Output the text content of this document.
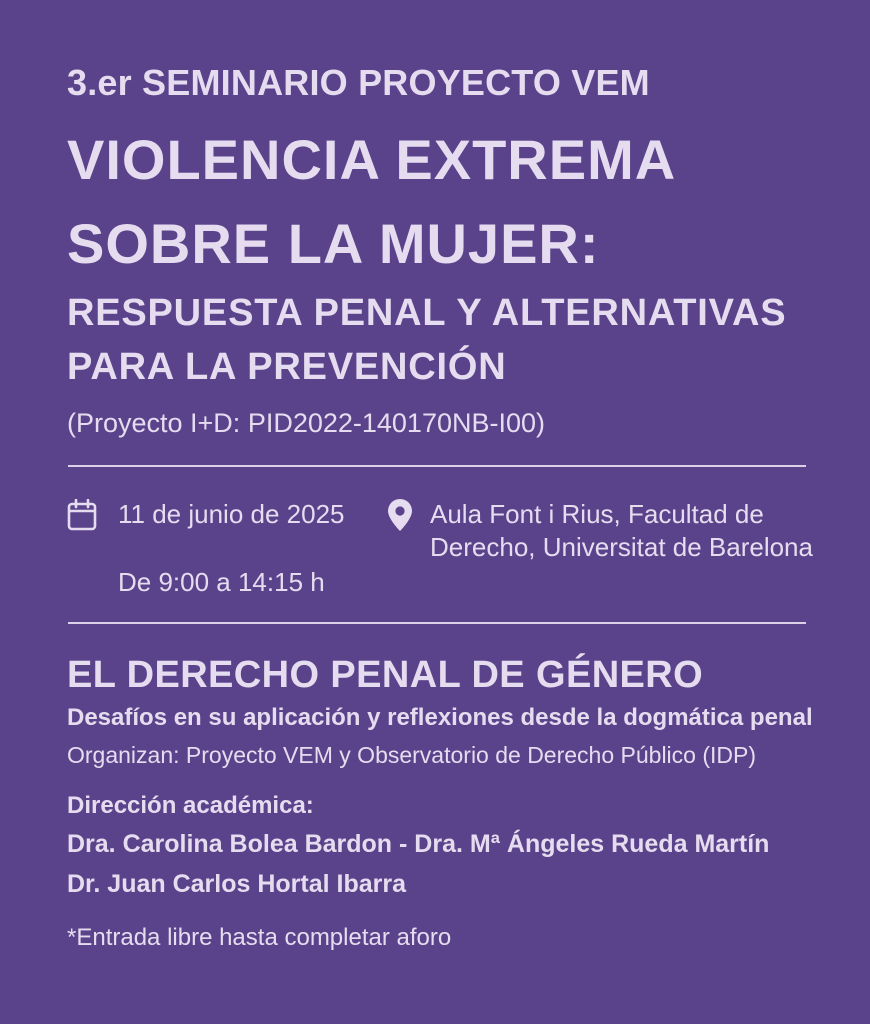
3.er SEMINARIO PROYECTO VEM
VIOLENCIA EXTREMA
SOBRE LA MUJER:
RESPUESTA PENAL Y ALTERNATIVAS
PARA LA PREVENCIÓN
(Proyecto I+D: PID2022-140170NB-I00)
11 de junio de 2025
De 9:00 a 14:15 h
Aula Font i Rius, Facultad de
Derecho, Universitat de Barelona
EL DERECHO PENAL DE GÉNERO
Desafíos en su aplicación y reflexiones desde la dogmática penal
Organizan: Proyecto VEM y Observatorio de Derecho Público (IDP)
Dirección académica:
Dra. Carolina Bolea Bardon - Dra. Mª Ángeles Rueda Martín
Dr. Juan Carlos Hortal Ibarra
*Entrada libre hasta completar aforo
